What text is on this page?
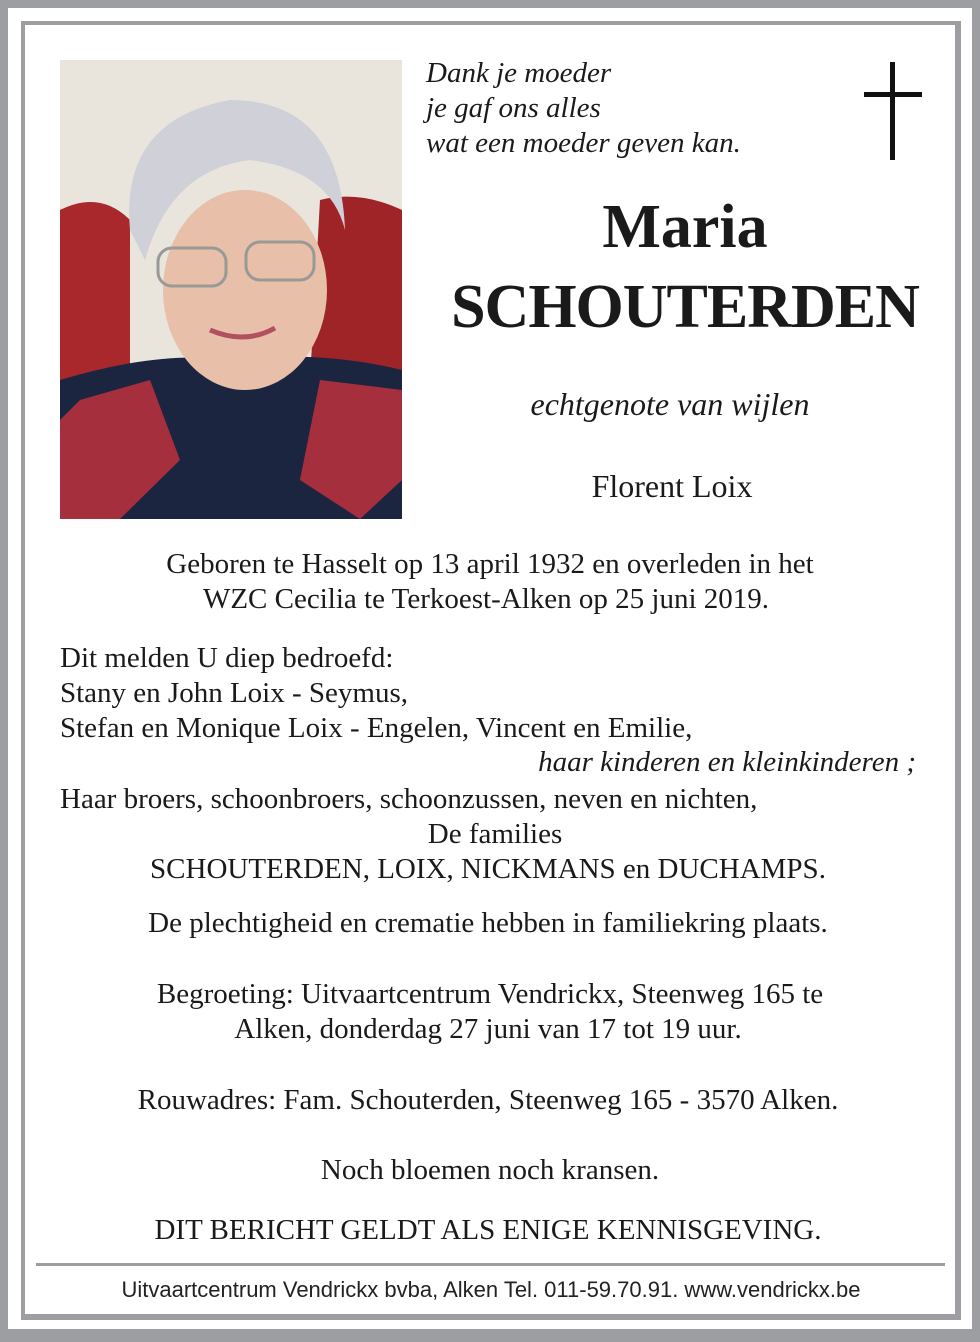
Dank je moeder
je gaf ons alles
wat een moeder geven kan.
Maria
SCHOUTERDEN
echtgenote van wijlen
Florent Loix
Geboren te Hasselt op 13 april 1932 en overleden in het
WZC Cecilia te Terkoest-Alken op 25 juni 2019.
Dit melden U diep bedroefd:
Stany en John Loix - Seymus,
Stefan en Monique Loix - Engelen, Vincent en Emilie,
haar kinderen en kleinkinderen ;
Haar broers, schoonbroers, schoonzussen, neven en nichten,
De families
SCHOUTERDEN, LOIX, NICKMANS en DUCHAMPS.
De plechtigheid en crematie hebben in familiekring plaats.
Begroeting: Uitvaartcentrum Vendrickx, Steenweg 165 te
Alken, donderdag 27 juni van 17 tot 19 uur.
Rouwadres: Fam. Schouterden, Steenweg 165 - 3570 Alken.
Noch bloemen noch kransen.
DIT BERICHT GELDT ALS ENIGE KENNISGEVING.
Uitvaartcentrum Vendrickx bvba, Alken Tel. 011-59.70.91. www.vendrickx.be
